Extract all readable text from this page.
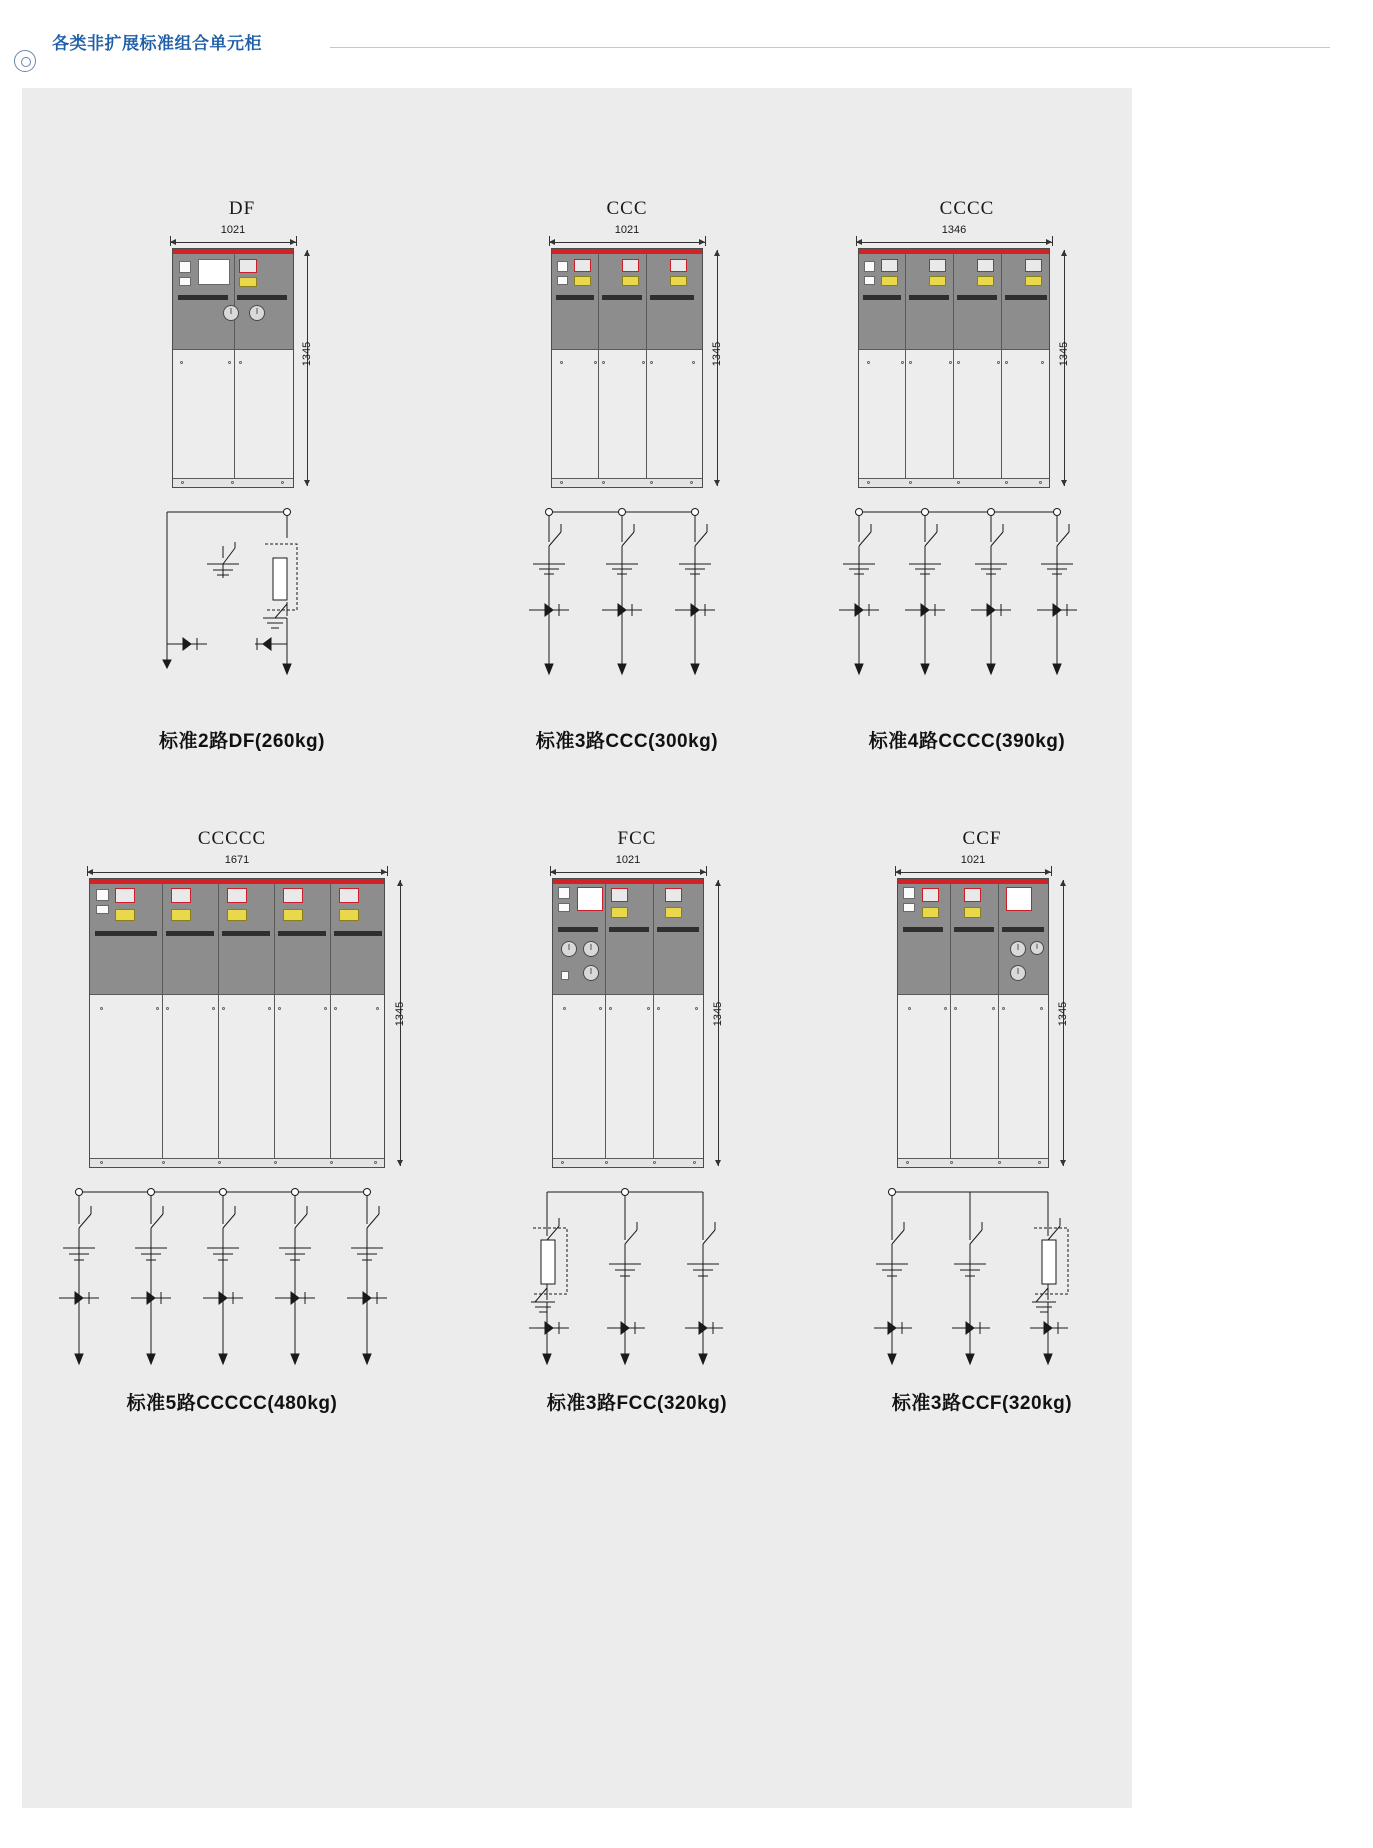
各类非扩展标准组合单元柜
DF
1021
1345
标准2路DF(260kg)
CCC
1021
1345
标准3路CCC(300kg)
CCCC
1346
1345
标准4路CCCC(390kg)
CCCCC
1671
1345
标准5路CCCCC(480kg)
FCC
1021
1345
标准3路FCC(320kg)
CCF
1021
1345
标准3路CCF(320kg)
